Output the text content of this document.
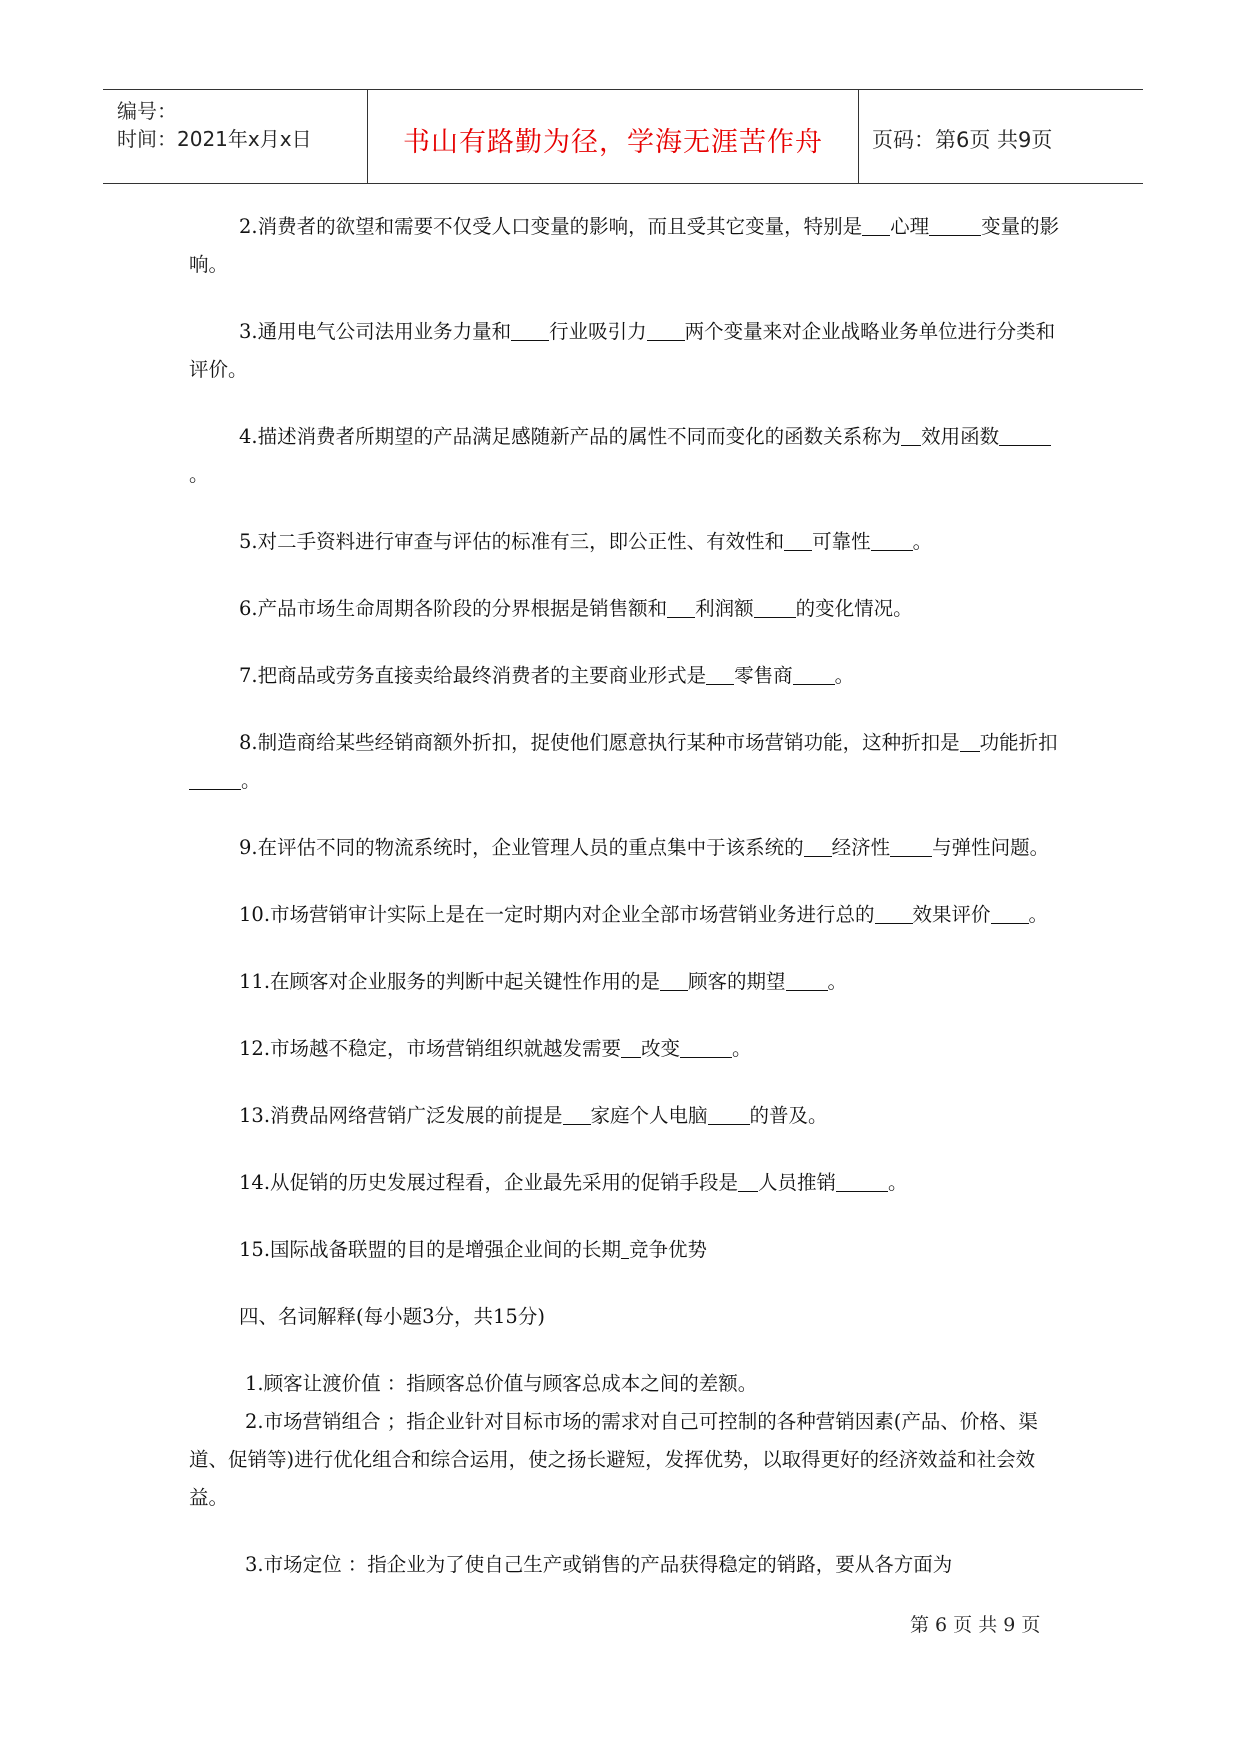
编号：
时间：2021年x月x日	书山有路勤为径，学海无涯苦作舟	页码：第6页 共9页

2.消费者的欲望和需要不仅受人口变量的影响，而且受其它变量，特别是 心理	变量的影响。

3.通用电气公司法用业务力量和 行业吸引力 两个变量来对企业战略业务单位进行分类和评价。

4.描述消费者所期望的产品满足感随新产品的属性不同而变化的函数关系称为 效用函数。

5.对二手资料进行审查与评估的标准有三，即公正性、有效性和 可靠性 。

6.产品市场生命周期各阶段的分界根据是销售额和 利润额 的变化情况。

7.把商品或劳务直接卖给最终消费者的主要商业形式是 零售商 。

8.制造商给某些经销商额外折扣，捉使他们愿意执行某种市场营销功能，这种折扣是 功能折扣。

9.在评估不同的物流系统时，企业管理人员的重点集中于该系统的 经济性 与弹性问题。

10.市场营销审计实际上是在一定时期内对企业全部市场营销业务进行总的 效果评价 。

11.在顾客对企业服务的判断中起关键性作用的是 顾客的期望 。

12.市场越不稳定，市场营销组织就越发需要 改变	。

13.消费品网络营销广泛发展的前提是 家庭个人电脑 的普及。

14.从促销的历史发展过程看，企业最先采用的促销手段是 人员推销	。

15.国际战备联盟的目的是增强企业间的长期 竞争优势

四、名词解释(每小题3分，共15分)

1.顾客让渡价值 ：指顾客总价值与顾客总成本之间的差额。

2.市场营销组合 ；指企业针对目标市场的需求对自己可控制的各种营销因素(产品、价格、渠道、促销等)进行优化组合和综合运用，使之扬长避短，发挥优势，以取得更好的经济效益和社会效益。

3.市场定位 ：指企业为了使自己生产或销售的产品获得稳定的销路，要从各方面为

第 6 页 共 9 页
